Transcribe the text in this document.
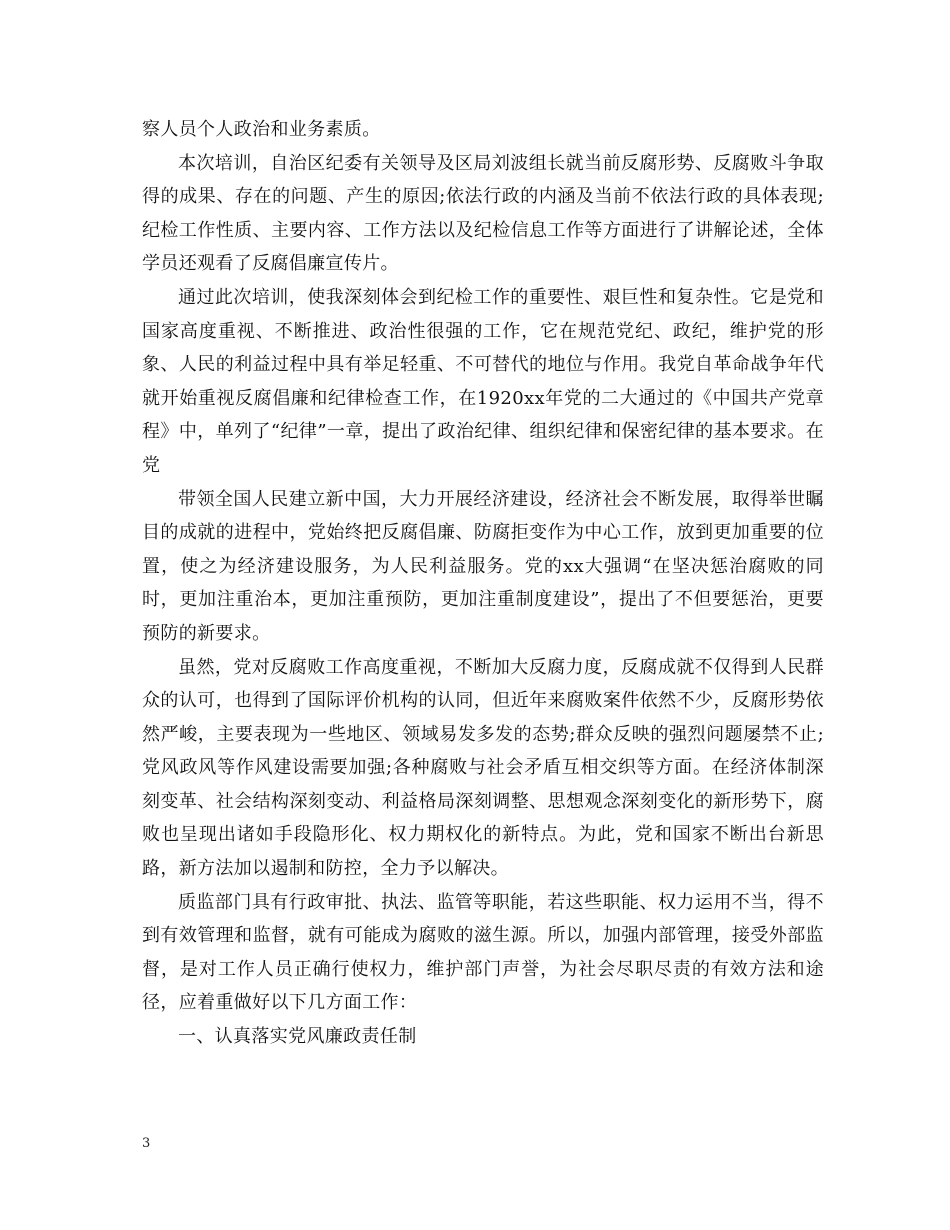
察人员个人政治和业务素质。

本次培训，自治区纪委有关领导及区局刘波组长就当前反腐形势、反腐败斗争取得的成果、存在的问题、产生的原因;依法行政的内涵及当前不依法行政的具体表现;纪检工作性质、主要内容、工作方法以及纪检信息工作等方面进行了讲解论述，全体学员还观看了反腐倡廉宣传片。

通过此次培训，使我深刻体会到纪检工作的重要性、艰巨性和复杂性。它是党和国家高度重视、不断推进、政治性很强的工作，它在规范党纪、政纪，维护党的形象、人民的利益过程中具有举足轻重、不可替代的地位与作用。我党自革命战争年代就开始重视反腐倡廉和纪律检查工作，在1920xx年党的二大通过的《中国共产党章程》中，单列了“纪律”一章，提出了政治纪律、组织纪律和保密纪律的基本要求。在党

带领全国人民建立新中国，大力开展经济建设，经济社会不断发展，取得举世瞩目的成就的进程中，党始终把反腐倡廉、防腐拒变作为中心工作，放到更加重要的位置，使之为经济建设服务，为人民利益服务。党的xx大强调“在坚决惩治腐败的同时，更加注重治本，更加注重预防，更加注重制度建设”，提出了不但要惩治，更要预防的新要求。

虽然，党对反腐败工作高度重视，不断加大反腐力度，反腐成就不仅得到人民群众的认可，也得到了国际评价机构的认同，但近年来腐败案件依然不少，反腐形势依然严峻，主要表现为一些地区、领域易发多发的态势;群众反映的强烈问题屡禁不止;党风政风等作风建设需要加强;各种腐败与社会矛盾互相交织等方面。在经济体制深刻变革、社会结构深刻变动、利益格局深刻调整、思想观念深刻变化的新形势下，腐败也呈现出诸如手段隐形化、权力期权化的新特点。为此，党和国家不断出台新思路，新方法加以遏制和防控，全力予以解决。

质监部门具有行政审批、执法、监管等职能，若这些职能、权力运用不当，得不到有效管理和监督，就有可能成为腐败的滋生源。所以，加强内部管理，接受外部监督，是对工作人员正确行使权力，维护部门声誉，为社会尽职尽责的有效方法和途径，应着重做好以下几方面工作：

一、认真落实党风廉政责任制

3
